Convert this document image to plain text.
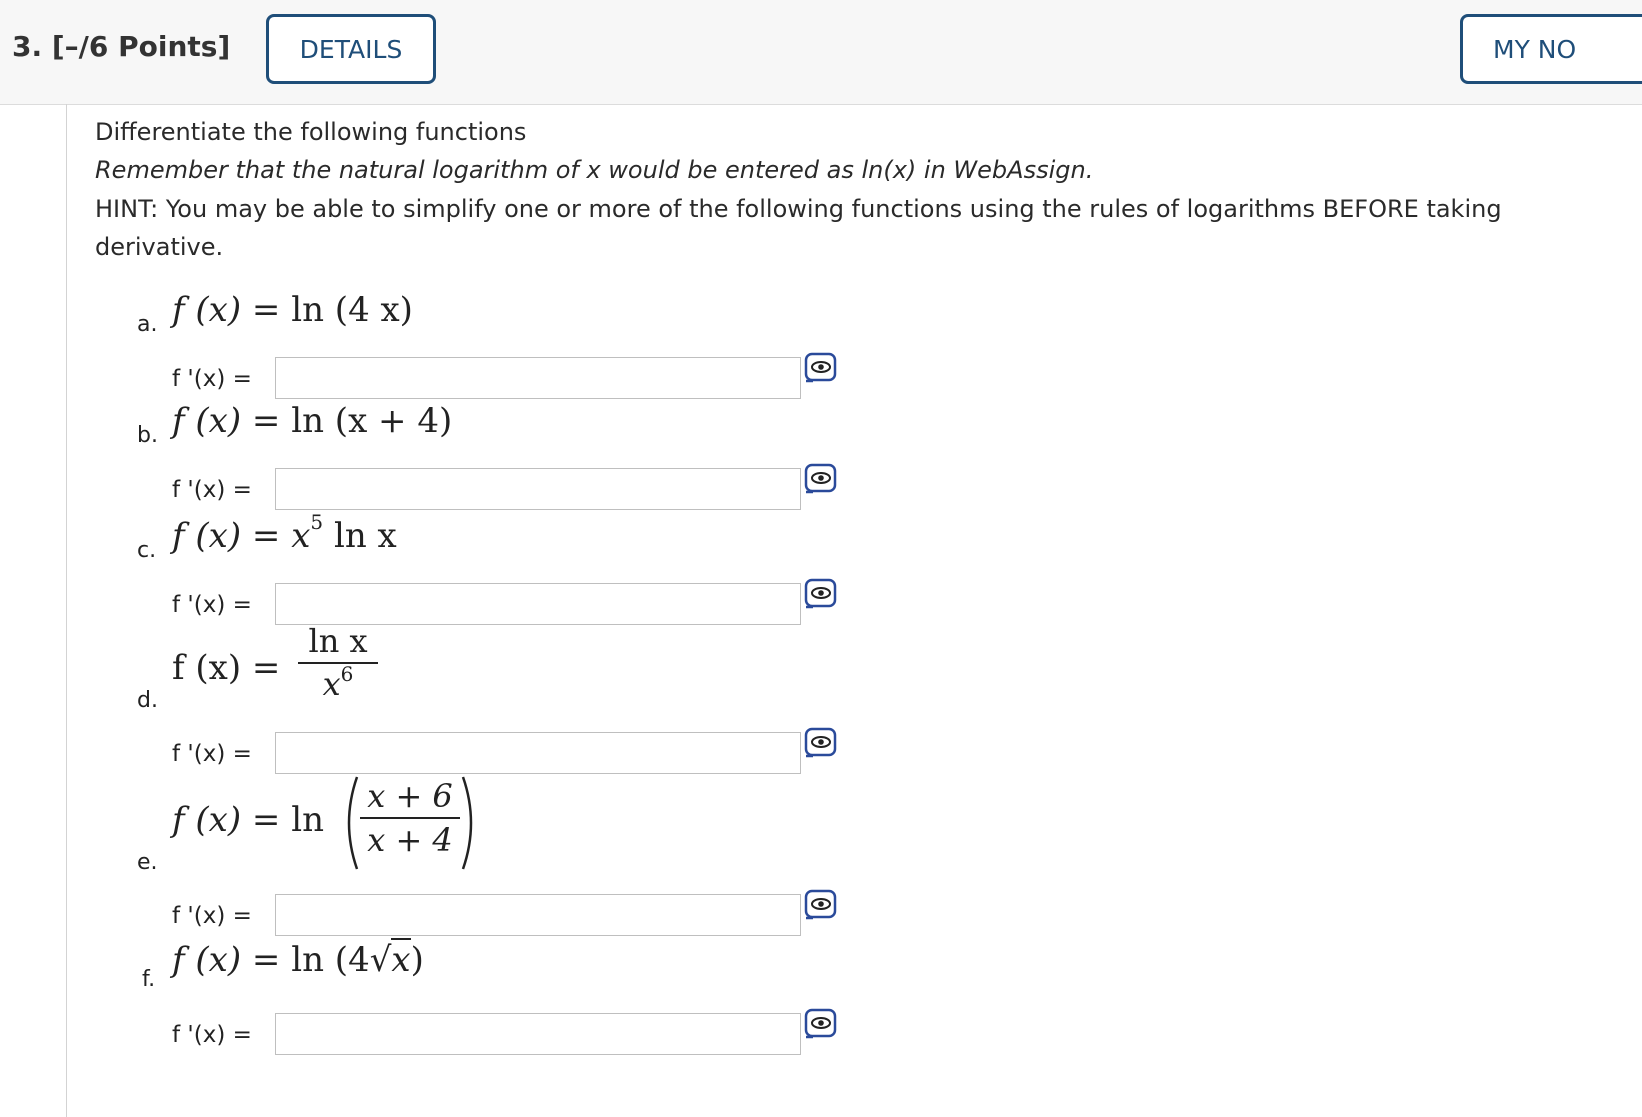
3. [–/6 Points]	DETAILS	MY NO
Differentiate the following functions
Remember that the natural logarithm of x would be entered as ln(x) in WebAssign.
HINT: You may be able to simplify one or more of the following functions using the rules of logarithms BEFORE taking
derivative.
a. f (x) = ln (4 x)
f '(x) =
b. f (x) = ln (x + 4)
f '(x) =
c. f $(x) = x^5$ ln x
f '(x) =
d.
f (x) =
ln x
$x^6$
f '(x) =
e.
f (x) = ln
x + 6
x + 4
f '(x) =
f. f (x) = ln (4√x)
f '(x) =
